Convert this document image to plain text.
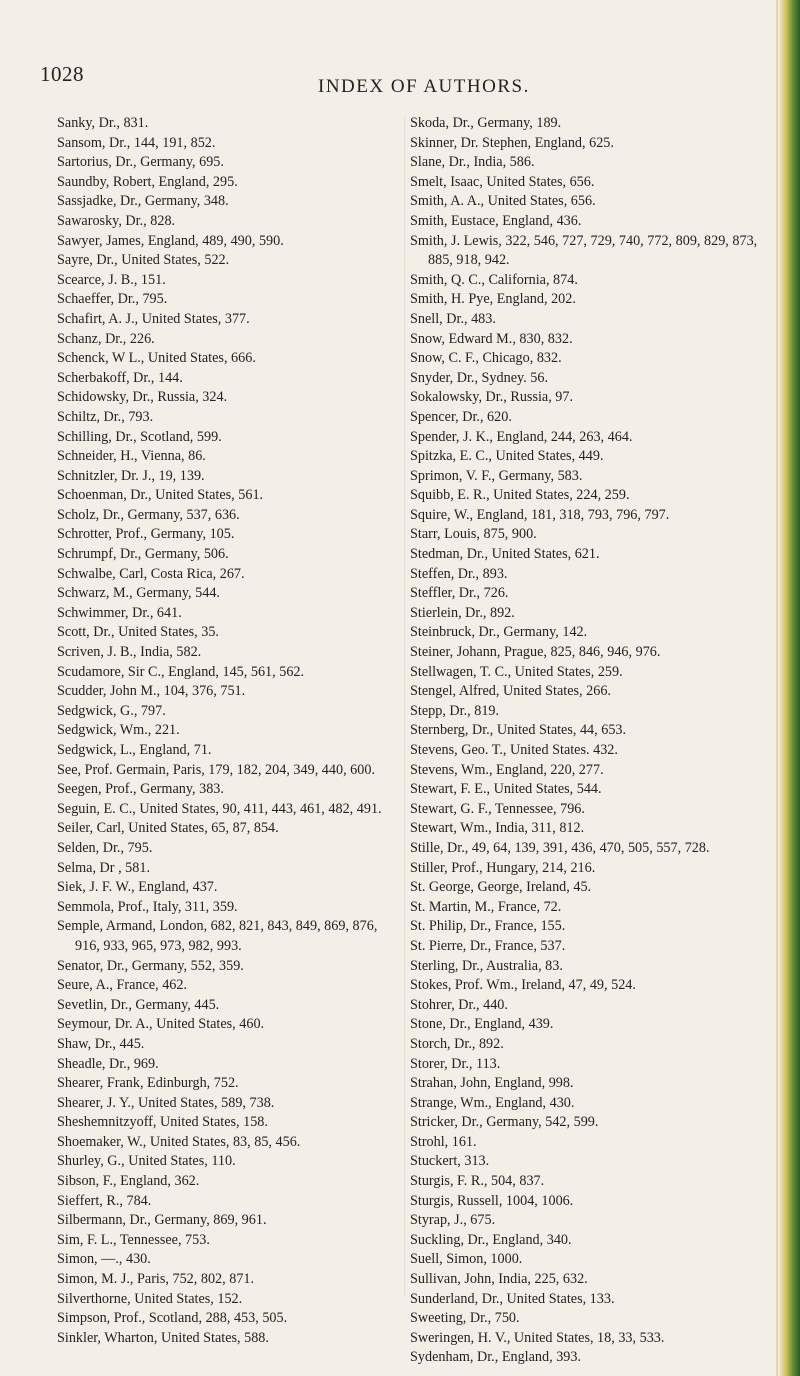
1028
INDEX OF AUTHORS.
Sanky, Dr., 831.
Sansom, Dr., 144, 191, 852.
Sartorius, Dr., Germany, 695.
Saundby, Robert, England, 295.
Sassjadke, Dr., Germany, 348.
Sawarosky, Dr., 828.
Sawyer, James, England, 489, 490, 590.
Sayre, Dr., United States, 522.
Scearce, J. B., 151.
Schaeffer, Dr., 795.
Schafirt, A. J., United States, 377.
Schanz, Dr., 226.
Schenck, W L., United States, 666.
Scherbakoff, Dr., 144.
Schidowsky, Dr., Russia, 324.
Schiltz, Dr., 793.
Schilling, Dr., Scotland, 599.
Schneider, H., Vienna, 86.
Schnitzler, Dr. J., 19, 139.
Schoenman, Dr., United States, 561.
Scholz, Dr., Germany, 537, 636.
Schrotter, Prof., Germany, 105.
Schrumpf, Dr., Germany, 506.
Schwalbe, Carl, Costa Rica, 267.
Schwarz, M., Germany, 544.
Schwimmer, Dr., 641.
Scott, Dr., United States, 35.
Scriven, J. B., India, 582.
Scudamore, Sir C., England, 145, 561, 562.
Scudder, John M., 104, 376, 751.
Sedgwick, G., 797.
Sedgwick, Wm., 221.
Sedgwick, L., England, 71.
See, Prof. Germain, Paris, 179, 182, 204, 349, 440, 600.
Seegen, Prof., Germany, 383.
Seguin, E. C., United States, 90, 411, 443, 461, 482, 491.
Seiler, Carl, United States, 65, 87, 854.
Selden, Dr., 795.
Selma, Dr , 581.
Siek, J. F. W., England, 437.
Semmola, Prof., Italy, 311, 359.
Semple, Armand, London, 682, 821, 843, 849, 869, 876, 916, 933, 965, 973, 982, 993.
Senator, Dr., Germany, 552, 359.
Seure, A., France, 462.
Sevetlin, Dr., Germany, 445.
Seymour, Dr. A., United States, 460.
Shaw, Dr., 445.
Sheadle, Dr., 969.
Shearer, Frank, Edinburgh, 752.
Shearer, J. Y., United States, 589, 738.
Sheshemnitzyoff, United States, 158.
Shoemaker, W., United States, 83, 85, 456.
Shurley, G., United States, 110.
Sibson, F., England, 362.
Sieffert, R., 784.
Silbermann, Dr., Germany, 869, 961.
Sim, F. L., Tennessee, 753.
Simon, —., 430.
Simon, M. J., Paris, 752, 802, 871.
Silverthorne, United States, 152.
Simpson, Prof., Scotland, 288, 453, 505.
Sinkler, Wharton, United States, 588.
Skoda, Dr., Germany, 189.
Skinner, Dr. Stephen, England, 625.
Slane, Dr., India, 586.
Smelt, Isaac, United States, 656.
Smith, A. A., United States, 656.
Smith, Eustace, England, 436.
Smith, J. Lewis, 322, 546, 727, 729, 740, 772, 809, 829, 873, 885, 918, 942.
Smith, Q. C., California, 874.
Smith, H. Pye, England, 202.
Snell, Dr., 483.
Snow, Edward M., 830, 832.
Snow, C. F., Chicago, 832.
Snyder, Dr., Sydney. 56.
Sokalowsky, Dr., Russia, 97.
Spencer, Dr., 620.
Spender, J. K., England, 244, 263, 464.
Spitzka, E. C., United States, 449.
Sprimon, V. F., Germany, 583.
Squibb, E. R., United States, 224, 259.
Squire, W., England, 181, 318, 793, 796, 797.
Starr, Louis, 875, 900.
Stedman, Dr., United States, 621.
Steffen, Dr., 893.
Steffler, Dr., 726.
Stierlein, Dr., 892.
Steinbruck, Dr., Germany, 142.
Steiner, Johann, Prague, 825, 846, 946, 976.
Stellwagen, T. C., United States, 259.
Stengel, Alfred, United States, 266.
Stepp, Dr., 819.
Sternberg, Dr., United States, 44, 653.
Stevens, Geo. T., United States. 432.
Stevens, Wm., England, 220, 277.
Stewart, F. E., United States, 544.
Stewart, G. F., Tennessee, 796.
Stewart, Wm., India, 311, 812.
Stille, Dr., 49, 64, 139, 391, 436, 470, 505, 557, 728.
Stiller, Prof., Hungary, 214, 216.
St. George, George, Ireland, 45.
St. Martin, M., France, 72.
St. Philip, Dr., France, 155.
St. Pierre, Dr., France, 537.
Sterling, Dr., Australia, 83.
Stokes, Prof. Wm., Ireland, 47, 49, 524.
Stohrer, Dr., 440.
Stone, Dr., England, 439.
Storch, Dr., 892.
Storer, Dr., 113.
Strahan, John, England, 998.
Strange, Wm., England, 430.
Stricker, Dr., Germany, 542, 599.
Strohl, 161.
Stuckert, 313.
Sturgis, F. R., 504, 837.
Sturgis, Russell, 1004, 1006.
Styrap, J., 675.
Suckling, Dr., England, 340.
Suell, Simon, 1000.
Sullivan, John, India, 225, 632.
Sunderland, Dr., United States, 133.
Sweeting, Dr., 750.
Sweringen, H. V., United States, 18, 33, 533.
Sydenham, Dr., England, 393.
